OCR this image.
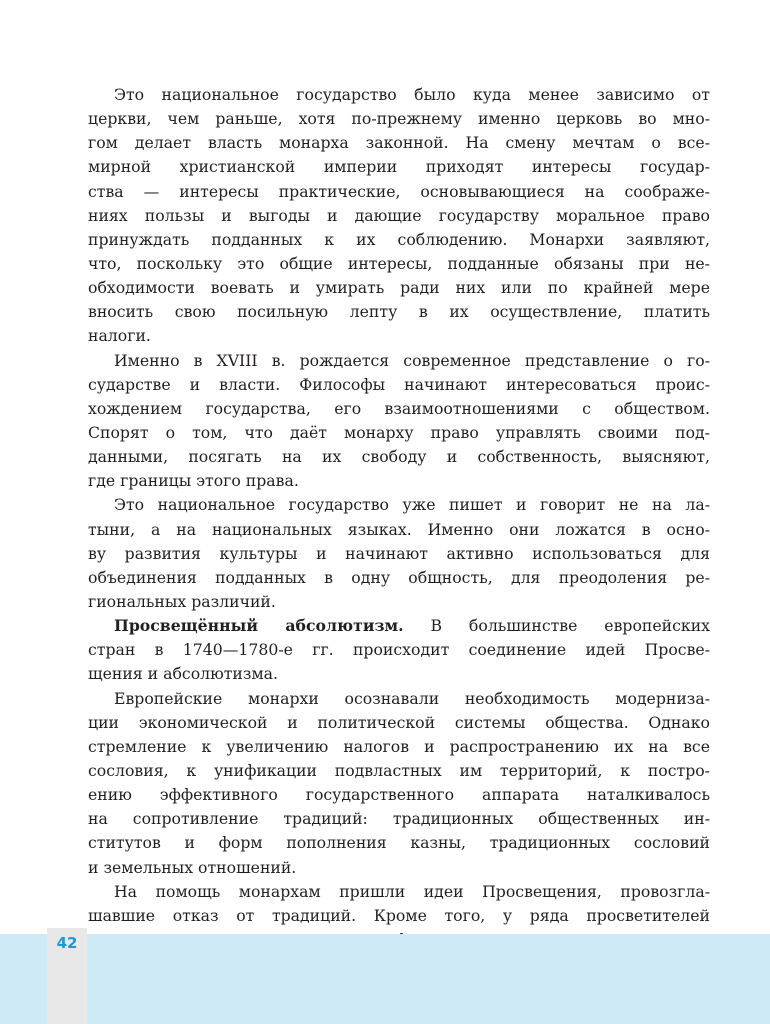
Это национальное государство было куда менее зависимо от
церкви, чем раньше, хотя по-прежнему именно церковь во мно-
гом делает власть монарха законной. На смену мечтам о все-
мирной христианской империи приходят интересы государ-
ства — интересы практические, основывающиеся на соображе-
ниях пользы и выгоды и дающие государству моральное право
принуждать подданных к их соблюдению. Монархи заявляют,
что, поскольку это общие интересы, подданные обязаны при не-
обходимости воевать и умирать ради них или по крайней мере
вносить свою посильную лепту в их осуществление, платить
налоги.
Именно в XVIII в. рождается современное представление о го-
сударстве и власти. Философы начинают интересоваться проис-
хождением государства, его взаимоотношениями с обществом.
Спорят о том, что даёт монарху право управлять своими под-
данными, посягать на их свободу и собственность, выясняют,
где границы этого права.
Это национальное государство уже пишет и говорит не на ла-
тыни, а на национальных языках. Именно они ложатся в осно-
ву развития культуры и начинают активно использоваться для
объединения подданных в одну общность, для преодоления ре-
гиональных различий.
Просвещённый абсолютизм. В большинстве европейских
стран в 1740—1780-е гг. происходит соединение идей Просве-
щения и абсолютизма.
Европейские монархи осознавали необходимость модерниза-
ции экономической и политической системы общества. Однако
стремление к увеличению налогов и распространению их на все
сословия, к унификации подвластных им территорий, к постро-
ению эффективного государственного аппарата наталкивалось
на сопротивление традиций: традиционных общественных ин-
ститутов и форм пополнения казны, традиционных сословий
и земельных отношений.
На помощь монархам пришли идеи Просвещения, провозгла-
шавшие отказ от традиций. Кроме того, у ряда просветителей
42
